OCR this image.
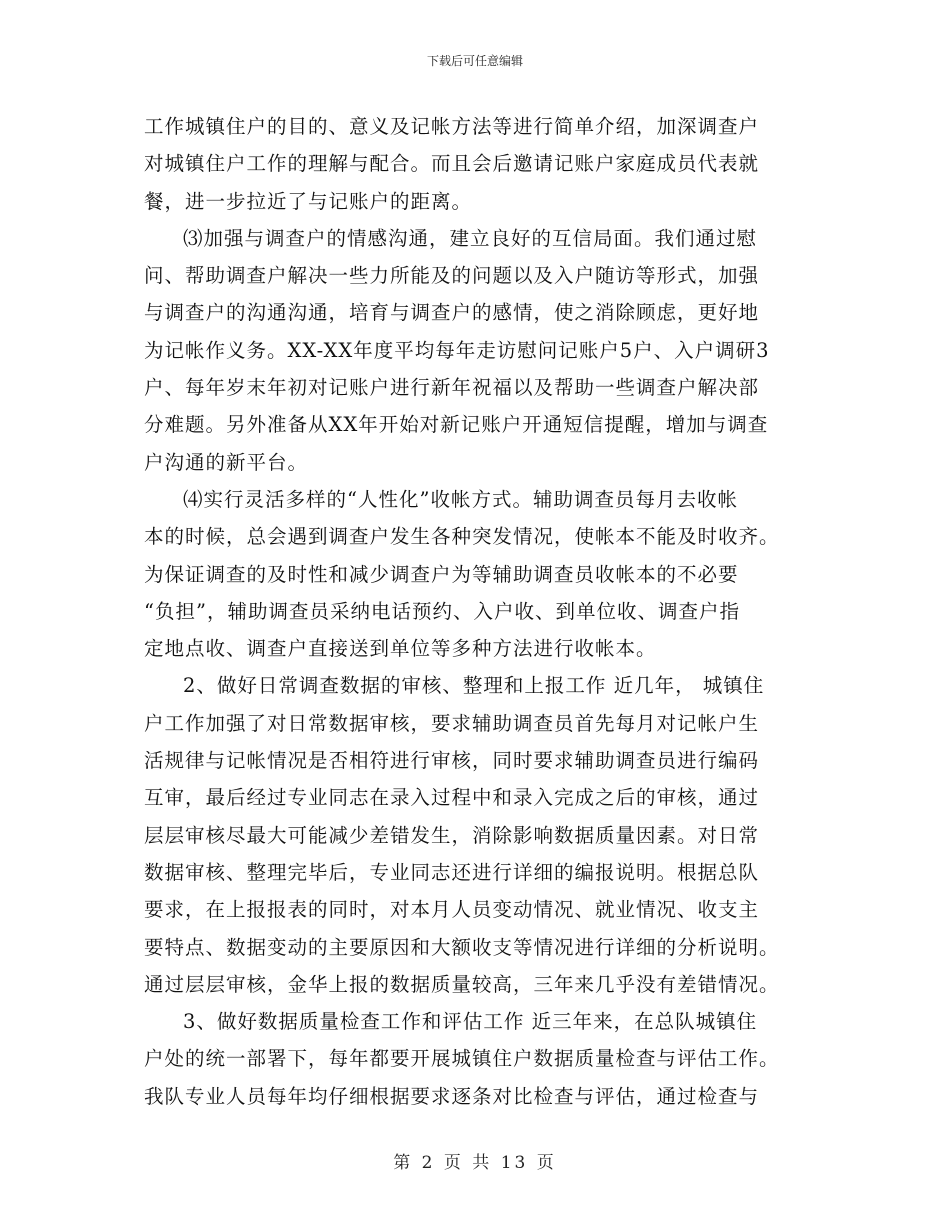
下载后可任意编辑
工作城镇住户的目的、意义及记帐方法等进行简单介绍，加深调查户
对城镇住户工作的理解与配合。而且会后邀请记账户家庭成员代表就
餐，进一步拉近了与记账户的距离。
⑶加强与调查户的情感沟通，建立良好的互信局面。我们通过慰
问、帮助调查户解决一些力所能及的问题以及入户随访等形式，加强
与调查户的沟通沟通，培育与调查户的感情，使之消除顾虑，更好地
为记帐作义务。XX-XX年度平均每年走访慰问记账户5户、入户调研3
户、每年岁末年初对记账户进行新年祝福以及帮助一些调查户解决部
分难题。另外准备从XX年开始对新记账户开通短信提醒，增加与调查
户沟通的新平台。
⑷实行灵活多样的“人性化”收帐方式。辅助调查员每月去收帐
本的时候，总会遇到调查户发生各种突发情况，使帐本不能及时收齐。
为保证调查的及时性和减少调查户为等辅助调查员收帐本的不必要
“负担”，辅助调查员采纳电话预约、入户收、到单位收、调查户指
定地点收、调查户直接送到单位等多种方法进行收帐本。
2、做好日常调查数据的审核、整理和上报工作 近几年， 城镇住
户工作加强了对日常数据审核，要求辅助调查员首先每月对记帐户生
活规律与记帐情况是否相符进行审核，同时要求辅助调查员进行编码
互审，最后经过专业同志在录入过程中和录入完成之后的审核，通过
层层审核尽最大可能减少差错发生，消除影响数据质量因素。对日常
数据审核、整理完毕后，专业同志还进行详细的编报说明。根据总队
要求，在上报报表的同时，对本月人员变动情况、就业情况、收支主
要特点、数据变动的主要原因和大额收支等情况进行详细的分析说明。
通过层层审核，金华上报的数据质量较高，三年来几乎没有差错情况。
3、做好数据质量检查工作和评估工作 近三年来，在总队城镇住
户处的统一部署下，每年都要开展城镇住户数据质量检查与评估工作。
我队专业人员每年均仔细根据要求逐条对比检查与评估，通过检查与
第 2 页 共 13 页
